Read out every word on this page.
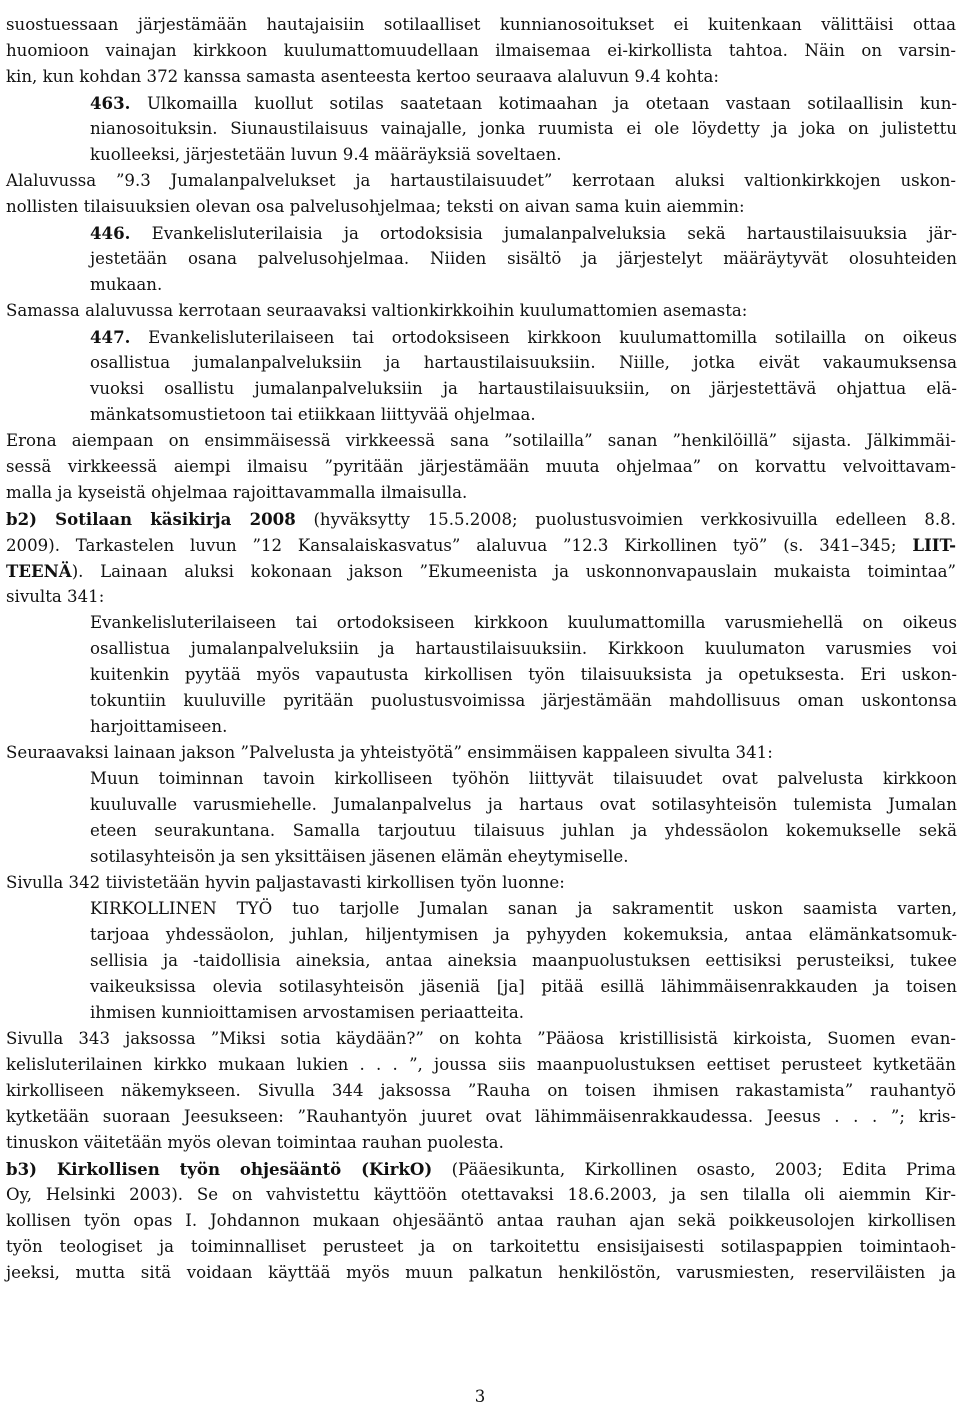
suostuessaan järjestämään hautajaisiin sotilaalliset kunnianosoitukset ei kuitenkaan välittäisi ottaa
huomioon vainajan kirkkoon kuulumattomuudellaan ilmaisemaa ei-kirkollista tahtoa. Näin on varsin-
kin, kun kohdan 372 kanssa samasta asenteesta kertoo seuraava alaluvun 9.4 kohta:
463. Ulkomailla kuollut sotilas saatetaan kotimaahan ja otetaan vastaan sotilaallisin kun-
nianosoituksin. Siunaustilaisuus vainajalle, jonka ruumista ei ole löydetty ja joka on julistettu
kuolleeksi, järjestetään luvun 9.4 määräyksiä soveltaen.
Alaluvussa ”9.3 Jumalanpalvelukset ja hartaustilaisuudet” kerrotaan aluksi valtionkirkkojen uskon-
nollisten tilaisuuksien olevan osa palvelusohjelmaa; teksti on aivan sama kuin aiemmin:
446. Evankelisluterilaisia ja ortodoksisia jumalanpalveluksia sekä hartaustilaisuuksia jär-
jestetään osana palvelusohjelmaa. Niiden sisältö ja järjestelyt määräytyvät olosuhteiden
mukaan.
Samassa alaluvussa kerrotaan seuraavaksi valtionkirkkoihin kuulumattomien asemasta:
447. Evankelisluterilaiseen tai ortodoksiseen kirkkoon kuulumattomilla sotilailla on oikeus
osallistua jumalanpalveluksiin ja hartaustilaisuuksiin. Niille, jotka eivät vakaumuksensa
vuoksi osallistu jumalanpalveluksiin ja hartaustilaisuuksiin, on järjestettävä ohjattua elä-
mänkatsomustietoon tai etiikkaan liittyvää ohjelmaa.
Erona aiempaan on ensimmäisessä virkkeessä sana ”sotilailla” sanan ”henkilöillä” sijasta. Jälkimmäi-
sessä virkkeessä aiempi ilmaisu ”pyritään järjestämään muuta ohjelmaa” on korvattu velvoittavam-
malla ja kyseistä ohjelmaa rajoittavammalla ilmaisulla.
b2) Sotilaan käsikirja 2008 (hyväksytty 15.5.2008; puolustusvoimien verkkosivuilla edelleen 8.8.
2009). Tarkastelen luvun ”12 Kansalaiskasvatus” alaluvua ”12.3 Kirkollinen työ” (s. 341–345; LIIT-
TEENÄ). Lainaan aluksi kokonaan jakson ”Ekumeenista ja uskonnonvapauslain mukaista toimintaa”
sivulta 341:
Evankelisluterilaiseen tai ortodoksiseen kirkkoon kuulumattomilla varusmiehellä on oikeus
osallistua jumalanpalveluksiin ja hartaustilaisuuksiin. Kirkkoon kuulumaton varusmies voi
kuitenkin pyytää myös vapautusta kirkollisen työn tilaisuuksista ja opetuksesta. Eri uskon-
tokuntiin kuuluville pyritään puolustusvoimissa järjestämään mahdollisuus oman uskontonsa
harjoittamiseen.
Seuraavaksi lainaan jakson ”Palvelusta ja yhteistyötä” ensimmäisen kappaleen sivulta 341:
Muun toiminnan tavoin kirkolliseen työhön liittyvät tilaisuudet ovat palvelusta kirkkoon
kuuluvalle varusmiehelle. Jumalanpalvelus ja hartaus ovat sotilasyhteisön tulemista Jumalan
eteen seurakuntana. Samalla tarjoutuu tilaisuus juhlan ja yhdessäolon kokemukselle sekä
sotilasyhteisön ja sen yksittäisen jäsenen elämän eheytymiselle.
Sivulla 342 tiivistetään hyvin paljastavasti kirkollisen työn luonne:
KIRKOLLINEN TYÖ tuo tarjolle Jumalan sanan ja sakramentit uskon saamista varten,
tarjoaa yhdessäolon, juhlan, hiljentymisen ja pyhyyden kokemuksia, antaa elämänkatsomuk-
sellisia ja -taidollisia aineksia, antaa aineksia maanpuolustuksen eettisiksi perusteiksi, tukee
vaikeuksissa olevia sotilasyhteisön jäseniä [ja] pitää esillä lähimmäisenrakkauden ja toisen
ihmisen kunnioittamisen arvostamisen periaatteita.
Sivulla 343 jaksossa ”Miksi sotia käydään?” on kohta ”Pääosa kristillisistä kirkoista, Suomen evan-
kelisluterilainen kirkko mukaan lukien . . . ”, joussa siis maanpuolustuksen eettiset perusteet kytketään
kirkolliseen näkemykseen. Sivulla 344 jaksossa ”Rauha on toisen ihmisen rakastamista” rauhantyö
kytketään suoraan Jeesukseen: ”Rauhantyön juuret ovat lähimmäisenrakkaudessa. Jeesus . . . ”; kris-
tinuskon väitetään myös olevan toimintaa rauhan puolesta.
b3) Kirkollisen työn ohjesääntö (KirkO) (Pääesikunta, Kirkollinen osasto, 2003; Edita Prima
Oy, Helsinki 2003). Se on vahvistettu käyttöön otettavaksi 18.6.2003, ja sen tilalla oli aiemmin Kir-
kollisen työn opas I. Johdannon mukaan ohjesääntö antaa rauhan ajan sekä poikkeusolojen kirkollisen
työn teologiset ja toiminnalliset perusteet ja on tarkoitettu ensisijaisesti sotilaspappien toimintaoh-
jeeksi, mutta sitä voidaan käyttää myös muun palkatun henkilöstön, varusmiesten, reserviläisten ja
3
